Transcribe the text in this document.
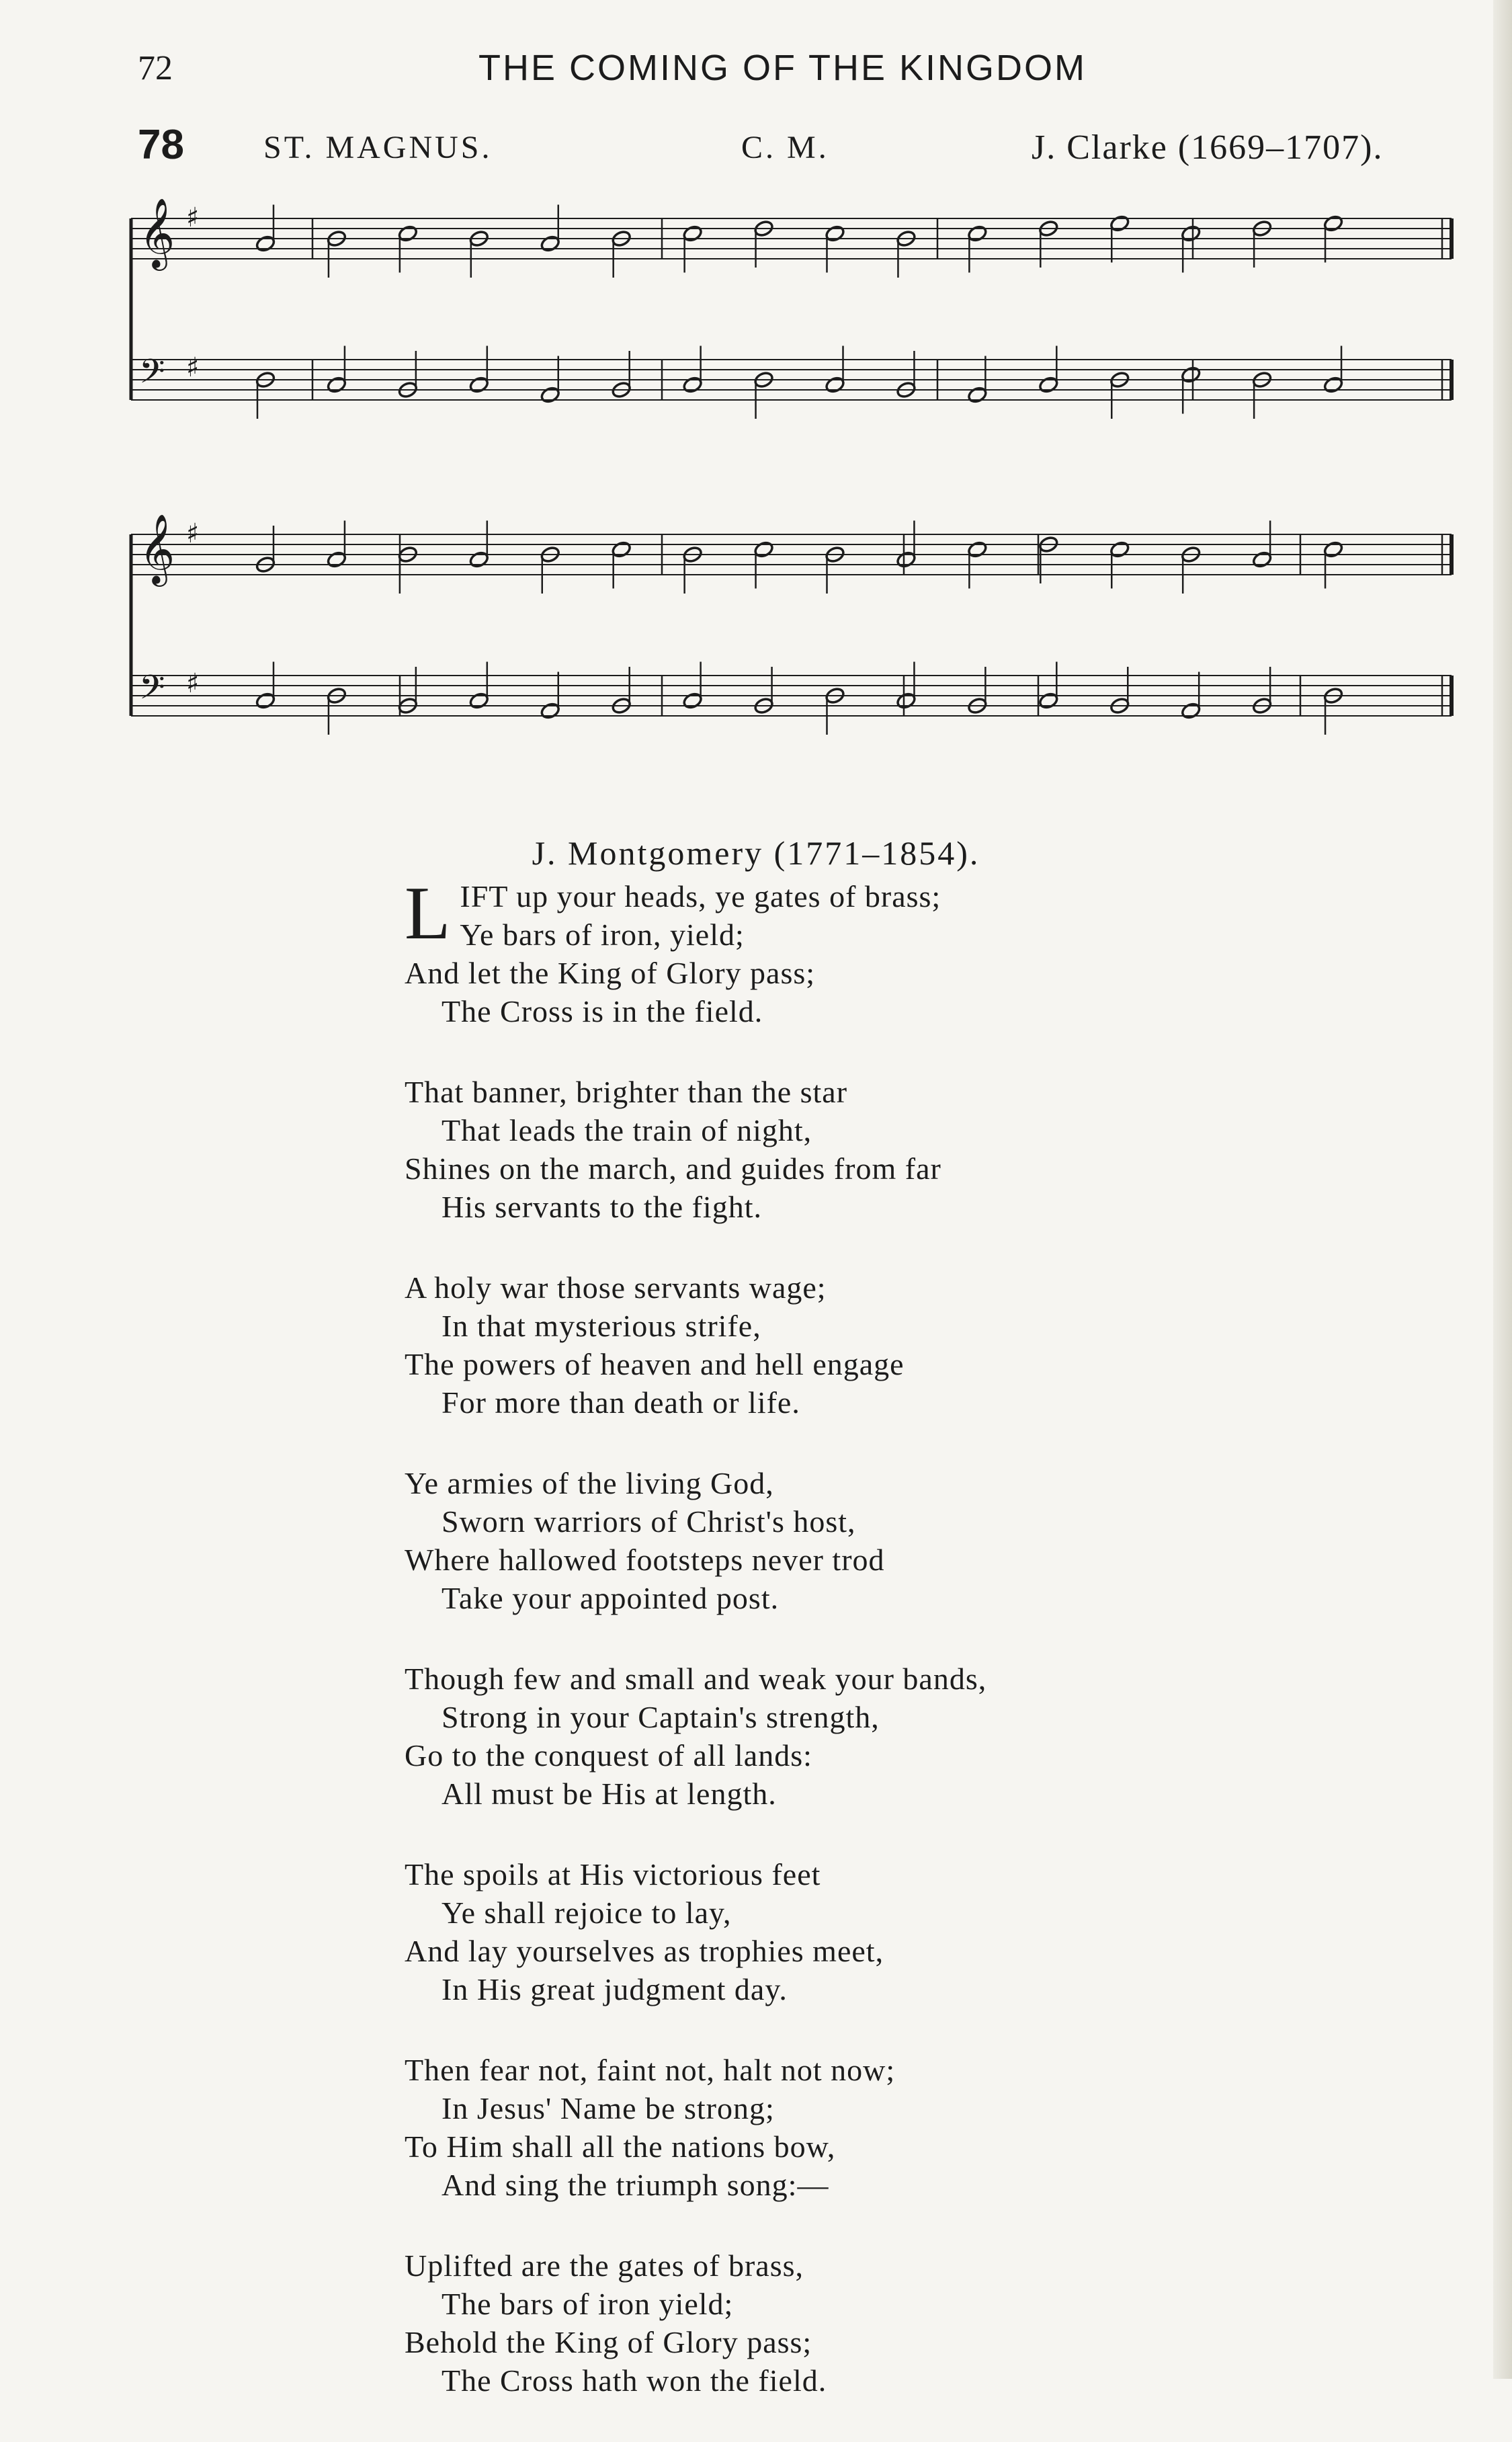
72	THE COMING OF THE KINGDOM
78 ST. MAGNUS.	C. M.	J. Clarke (1669–1707).
𝄞 ♯
𝄢 ♯
𝄞 ♯
𝄢 ♯
J. Montgomery (1771–1854).
L IFT up your heads, ye gates of brass;
Ye bars of iron, yield;
And let the King of Glory pass;
The Cross is in the field.
That banner, brighter than the star
That leads the train of night,
Shines on the march, and guides from far
His servants to the fight.
A holy war those servants wage;
In that mysterious strife,
The powers of heaven and hell engage
For more than death or life.
Ye armies of the living God,
Sworn warriors of Christ's host,
Where hallowed footsteps never trod
Take your appointed post.
Though few and small and weak your bands,
Strong in your Captain's strength,
Go to the conquest of all lands:
All must be His at length.
The spoils at His victorious feet
Ye shall rejoice to lay,
And lay yourselves as trophies meet,
In His great judgment day.
Then fear not, faint not, halt not now;
In Jesus' Name be strong;
To Him shall all the nations bow,
And sing the triumph song:—
Uplifted are the gates of brass,
The bars of iron yield;
Behold the King of Glory pass;
The Cross hath won the field.
